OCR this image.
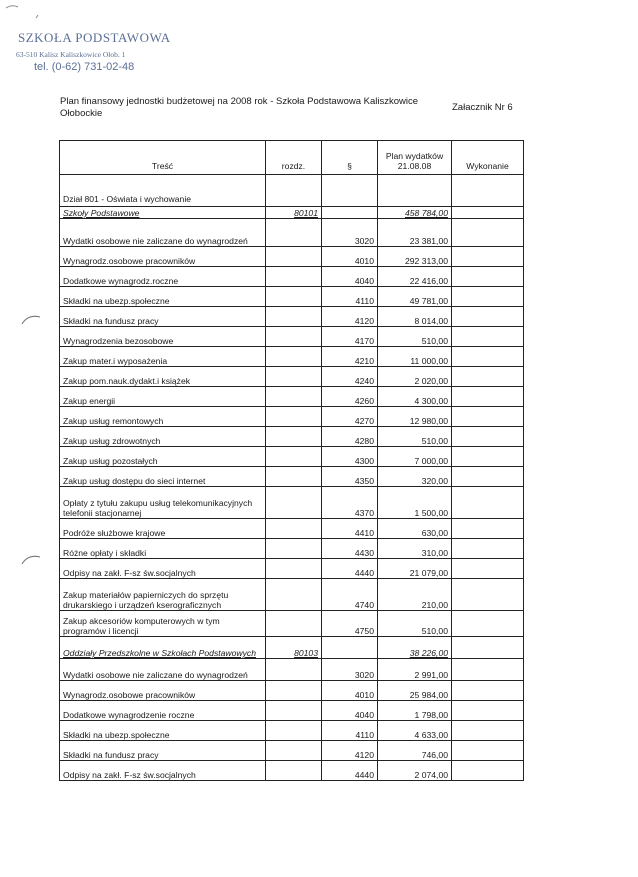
SZKOŁA PODSTAWOWA
63-510 Kalisz Kaliszkowice Ołob. 1
tel. (0-62) 731-02-48
Plan finansowy jednostki budżetowej na 2008 rok - Szkoła Podstawowa Kaliszkowice Ołobockie
Załacznik Nr 6
Treść	rozdz.	§	Plan wydatków 21.08.08	Wykonanie
Dział 801 - Oświata i wychowanie				
Szkoły Podstawowe	80101		458 784,00	
Wydatki osobowe nie zaliczane do wynagrodzeń		3020	23 381,00	
Wynagrodz.osobowe pracowników		4010	292 313,00	
Dodatkowe wynagrodz.roczne		4040	22 416,00	
Składki na ubezp.społeczne		4110	49 781,00	
Składki na fundusz pracy		4120	8 014,00	
Wynagrodzenia bezosobowe		4170	510,00	
Zakup mater.i wyposażenia		4210	11 000,00	
Zakup pom.nauk.dydakt.i książek		4240	2 020,00	
Zakup energii		4260	4 300,00	
Zakup usług remontowych		4270	12 980,00	
Zakup usług zdrowotnych		4280	510,00	
Zakup usług pozostałych		4300	7 000,00	
Zakup usług dostępu do sieci internet		4350	320,00	
Opłaty z tytułu zakupu usług telekomunikacyjnych telefonii stacjonarnej		4370	1 500,00	
Podróże służbowe krajowe		4410	630,00	
Różne opłaty i składki		4430	310,00	
Odpisy na zakł. F-sz św.socjalnych		4440	21 079,00	
Zakup materiałów papierniczych do sprzętu drukarskiego i urządzeń kserograficznych		4740	210,00	
Zakup akcesoriów komputerowych w tym programów i licencji		4750	510,00	
Oddziały Przedszkolne w Szkołach Podstawowych	80103		38 226,00	
Wydatki osobowe nie zaliczane do wynagrodzeń		3020	2 991,00	
Wynagrodz.osobowe pracowników		4010	25 984,00	
Dodatkowe wynagrodzenie roczne		4040	1 798,00	
Składki na ubezp.społeczne		4110	4 633,00	
Składki na fundusz pracy		4120	746,00	
Odpisy na zakł. F-sz św.socjalnych		4440	2 074,00	
